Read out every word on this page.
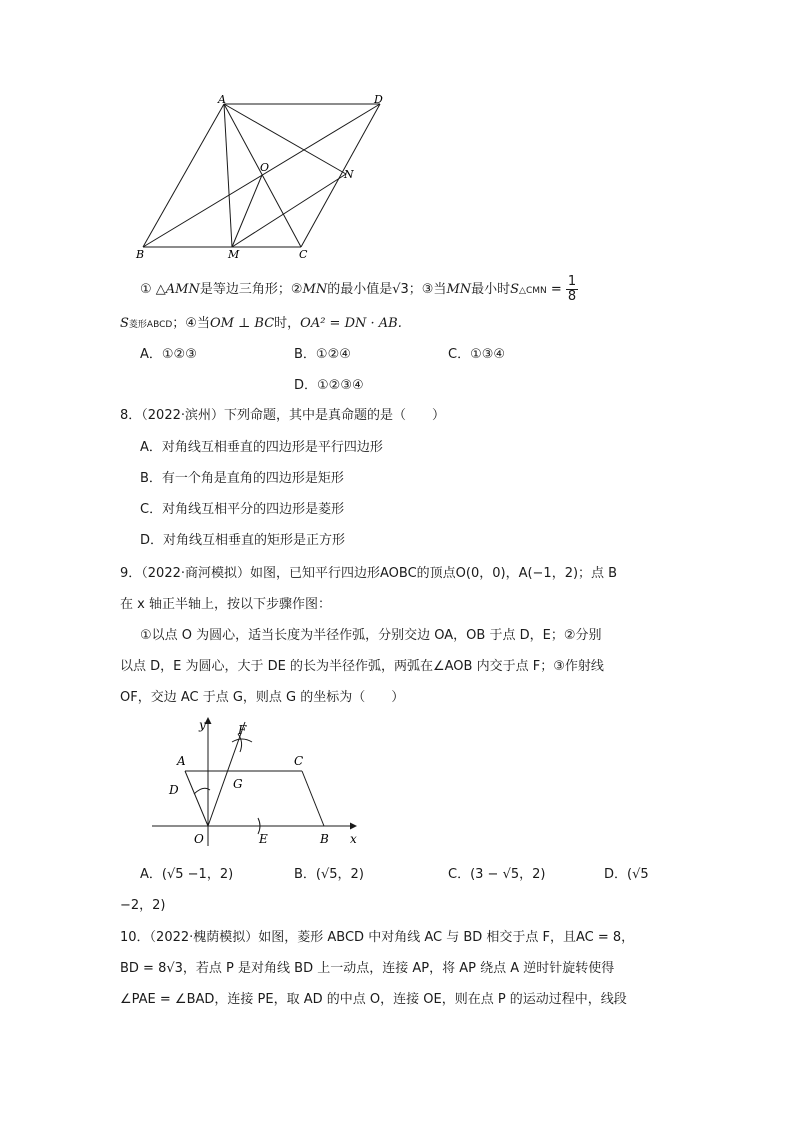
A	D
O
N
B	M	C
① △AMN是等边三角形；②MN的最小值是√3；③当MN最小时S△CMN = $\frac{1}{8}$
S菱形ABCD；④当OM ⊥ BC时，OA² = DN · AB.
A．①②③	B．①②④	C．①③④
D．①②③④
8．（2022·滨州）下列命题，其中是真命题的是（　　）
A．对角线互相垂直的四边形是平行四边形
B．有一个角是直角的四边形是矩形
C．对角线互相平分的四边形是菱形
D．对角线互相垂直的矩形是正方形
9．（2022·商河模拟）如图，已知平行四边形AOBC的顶点O(0，0)，A(−1，2)；点 B
在 x 轴正半轴上，按以下步骤作图：
①以点 O 为圆心，适当长度为半径作弧，分别交边 OA，OB 于点 D，E；②分别
以点 D，E 为圆心，大于 DE 的长为半径作弧，两弧在∠AOB 内交于点 F；③作射线
OF，交边 AC 于点 G，则点 G 的坐标为（　　）
y	F
A	C
D	G
O	E	B x
A．(√5 −1，2)	B．(√5，2)	C．(3 − √5，2)	D．(√5
−2，2)
10．（2022·槐荫模拟）如图，菱形 ABCD 中对角线 AC 与 BD 相交于点 F，且AC = 8，
BD = 8√3，若点 P 是对角线 BD 上一动点，连接 AP，将 AP 绕点 A 逆时针旋转使得
∠PAE = ∠BAD，连接 PE，取 AD 的中点 O，连接 OE，则在点 P 的运动过程中，线段
